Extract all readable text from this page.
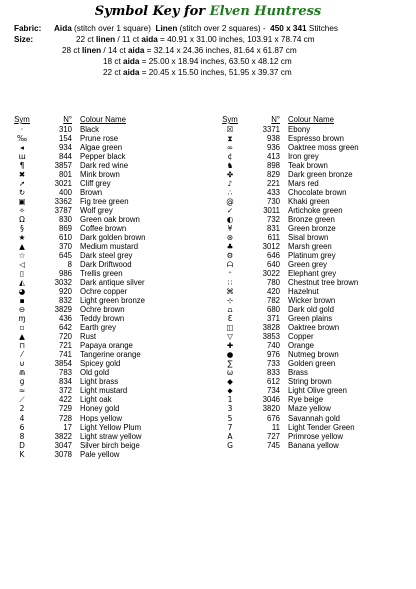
Symbol Key for Elven Huntress
Fabric:	Aida (stitch over 1 square)  Linen (stitch over 2 squares) -  450 x 341 Stitches
Size:	22 ct linen / 11 ct aida = 40.91 x 31.00 inches, 103.91 x 78.74 cm
28 ct linen / 14 ct aida = 32.14 x 24.36 inches, 81.64 x 61.87 cm
18 ct aida = 25.00 x 18.94 inches, 63.50 x 48.12 cm
22 ct aida = 20.45 x 15.50 inches, 51.95 x 39.37 cm
Sym	N°	Colour Name
·	310	Black
‰	154	Prune rose
◂	934	Algae green
ɯ	844	Pepper black
¶	3857	Dark red wine
✖	801	Mink brown
➚	3021	Cliff grey
↻	400	Brown
▣	3362	Fig tree green
✧	3787	Wolf grey
Ω	830	Green oak brown
§	869	Coffee brown
★	610	Dark golden brown
▲	370	Medium mustard
☆	645	Dark steel grey
◁	8	Dark Driftwood
▯	986	Trellis green
◭	3032	Dark antique silver
◕	920	Ochre copper
▪	832	Light green bronze
⊖	3829	Ochre brown
ɱ	436	Teddy brown
▫	642	Earth grey
▲	720	Rust
⊓	721	Papaya orange
⁄	741	Tangerine orange
⊍	3854	Spicey gold
⋒	783	Old gold
ɡ	834	Light brass
≈	372	Light mustard
⟋	422	Light oak
2	729	Honey gold
4	728	Hops yellow
6	17	Light Yellow Plum
8	3822	Light straw yellow
D	3047	Silver birch beige
K	3078	Pale yellow
Sym	N°	Colour Name
☒	3371	Ebony
⧗	938	Espresso brown
∞	936	Oaktree moss green
¢	413	Iron grey
♞	898	Teak brown
✤	829	Dark green bronze
♪	221	Mars red
∴	433	Chocolate brown
@	730	Khaki green
✓	3011	Artichoke green
◐	732	Bronze green
¥	831	Green bronze
⊛	611	Sisal brown
♣	3012	Marsh green
⚙	646	Platinum grey
ᗩ	640	Green grey
⁺	3022	Elephant grey
∷	780	Chestnut tree brown
⌘	420	Hazelnut
⊹	782	Wicker brown
⩍	680	Dark old gold
Ɛ	371	Green plains
◫	3828	Oaktree brown
▽	3853	Copper
✚	740	Orange
●	976	Nutmeg brown
∑	733	Golden green
ѡ	833	Brass
◆	612	String brown
⬥	734	Light Olive green
1	3046	Rye beige
3	3820	Maze yellow
5	676	Savannah gold
7	11	Light Tender Green
A	727	Primrose yellow
G	745	Banana yellow
